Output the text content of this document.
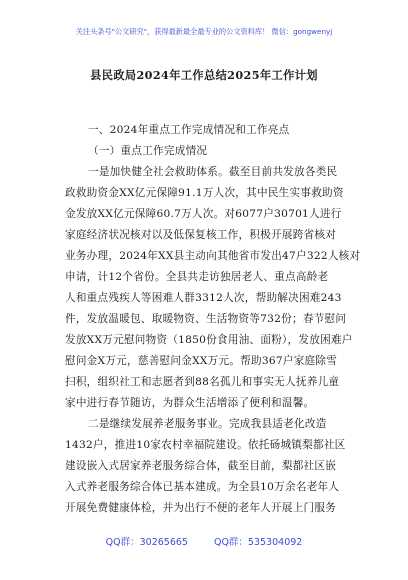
关注头条号"公文研究"，获得最新最全最专业的公文资料库！ 微信：gongwenyj
县民政局2024年工作总结2025年工作计划
一、2024年重点工作完成情况和工作亮点
（一）重点工作完成情况
一是加快健全社会救助体系。截至目前共发放各类民
政救助资金XX亿元保障91.1万人次，其中民生实事救助资
金发放XX亿元保障60.7万人次。对6077户30701人进行
家庭经济状况核对以及低保复核工作，积极开展跨省核对
业务办理，2024年XX县主动向其他省市发出47户322人核对
申请，计12个省份。全县共走访独居老人、重点高龄老
人和重点残疾人等困难人群3312人次，帮助解决困难243
件，发放温暖包、取暖物资、生活物资等732份；春节慰问
发放XX万元慰问物资（1850份食用油、面粉），发放困难户
慰问金X万元，慈善慰问金XX万元。帮助367户家庭除雪
扫积，组织社工和志愿者到88名孤儿和事实无人抚养儿童
家中进行春节随访，为群众生活增添了便利和温馨。
二是继续发展养老服务事业。完成我县适老化改造
1432户，推进10家农村幸福院建设。依托砀城镇梨都社区
建设嵌入式居家养老服务综合体，截至目前，梨都社区嵌
入式养老服务综合体已基本建成。为全县10万余名老年人
开展免费健康体检，并为出行不便的老年人开展上门服务
QQ群：30265665	QQ群：535304092
